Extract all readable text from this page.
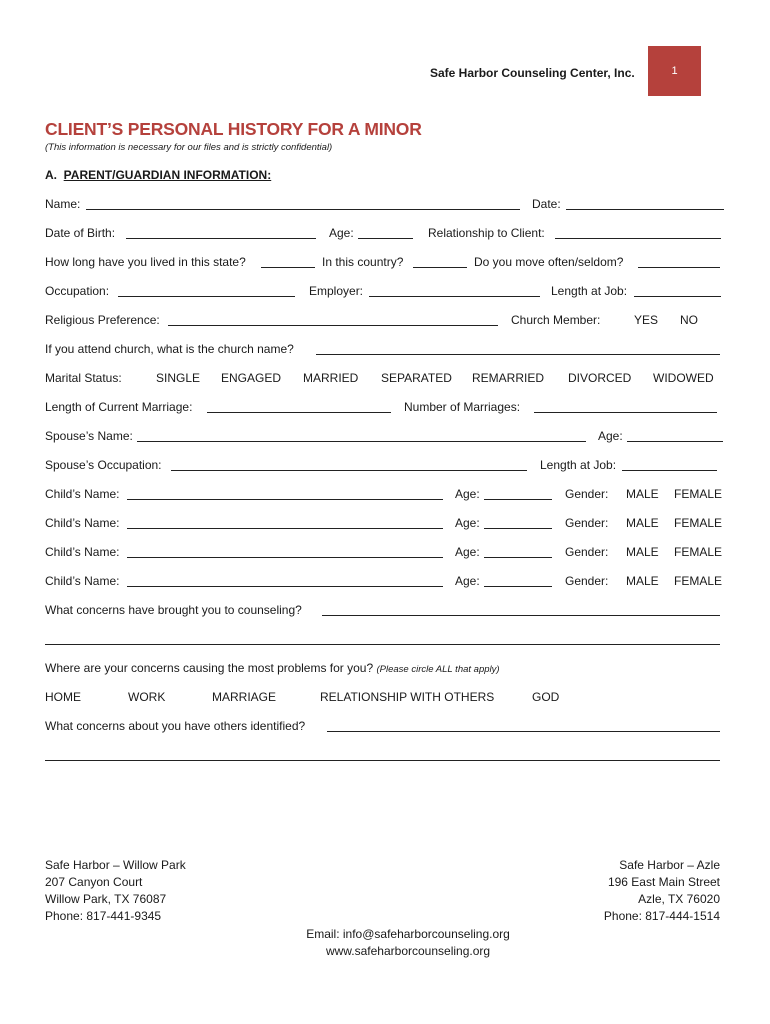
Safe Harbor Counseling Center, Inc.	1
CLIENT’S PERSONAL HISTORY FOR A MINOR
(This information is necessary for our files and is strictly confidential)
A. PARENT/GUARDIAN INFORMATION:
Name:	Date:
Date of Birth:	Age:	Relationship to Client:
How long have you lived in this state?	In this country?	Do you move often/seldom?
Occupation:	Employer:	Length at Job:
Religious Preference:	Church Member:	YES NO
If you attend church, what is the church name?
Marital Status:	SINGLE ENGAGED MARRIED SEPARATED REMARRIED DIVORCED WIDOWED
Length of Current Marriage:	Number of Marriages:
Spouse’s Name:	Age:
Spouse’s Occupation:	Length at Job:
Child’s Name:	Age:	Gender: MALE FEMALE
Child’s Name:	Age:	Gender: MALE FEMALE
Child’s Name:	Age:	Gender: MALE FEMALE
Child’s Name:	Age:	Gender: MALE FEMALE
What concerns have brought you to counseling?
Where are your concerns causing the most problems for you? (Please circle ALL that apply)
HOME	WORK	MARRIAGE	RELATIONSHIP WITH OTHERS	GOD
What concerns about you have others identified?
Safe Harbor – Willow Park
207 Canyon Court
Willow Park, TX 76087
Phone: 817-441-9345
Safe Harbor – Azle
196 East Main Street
Azle, TX 76020
Phone: 817-444-1514
Email: info@safeharborcounseling.org
www.safeharborcounseling.org
